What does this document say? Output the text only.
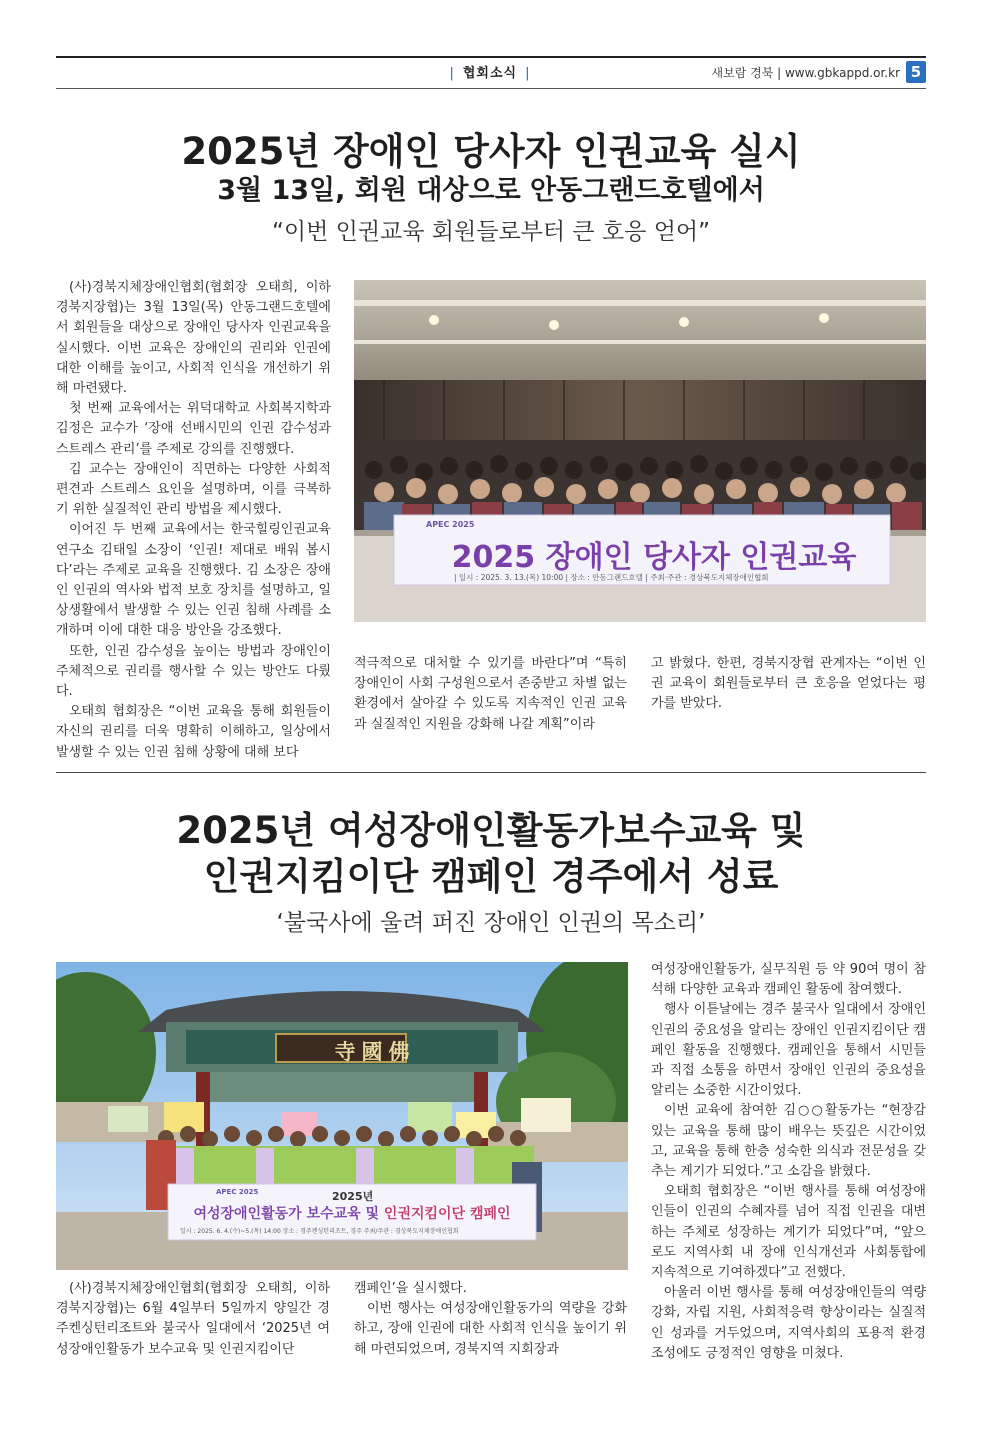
| 협회소식 |	새보람 경북 | www.gbkappd.or.kr 5
2025년 장애인 당사자 인권교육 실시
3월 13일, 회원 대상으로 안동그랜드호텔에서
“이번 인권교육 회원들로부터 큰 호응 얻어”

(사)경북지체장애인협회(협회장 오태희, 이하 경북지장협)는 3월 13일(목) 안동그랜드호텔에서 회원들을 대상으로 장애인 당사자 인권교육을 실시했다. 이번 교육은 장애인의 권리와 인권에 대한 이해를 높이고, 사회적 인식을 개선하기 위해 마련됐다.

첫 번째 교육에서는 위덕대학교 사회복지학과 김정은 교수가 ‘장애 선배시민의 인권 감수성과 스트레스 관리’를 주제로 강의를 진행했다.

김 교수는 장애인이 직면하는 다양한 사회적 편견과 스트레스 요인을 설명하며, 이를 극복하기 위한 실질적인 관리 방법을 제시했다.

이어진 두 번째 교육에서는 한국힐링인권교육연구소 김태일 소장이 ‘인권! 제대로 배워 봅시다’라는 주제로 교육을 진행했다. 김 소장은 장애인 인권의 역사와 법적 보호 장치를 설명하고, 일상생활에서 발생할 수 있는 인권 침해 사례를 소개하며 이에 대한 대응 방안을 강조했다.

또한, 인권 감수성을 높이는 방법과 장애인이 주체적으로 권리를 행사할 수 있는 방안도 다뤘다.

오태희 협회장은 “이번 교육을 통해 회원들이 자신의 권리를 더욱 명확히 이해하고, 일상에서 발생할 수 있는 인권 침해 상황에 대해 보다

APEC 2025
2025 장애인 당사자 인권교육
| 일시 : 2025. 3. 13.(목) 10:00 | 장소 : 안동그랜드호텔 | 주최·주관 : 경상북도지체장애인협회

적극적으로 대처할 수 있기를 바란다”며 “특히 장애인이 사회 구성원으로서 존중받고 차별 없는 환경에서 살아갈 수 있도록 지속적인 인권 교육과 실질적인 지원을 강화해 나갈 계획”이라

고 밝혔다. 한편, 경북지장협 관계자는 “이번 인권 교육이 회원들로부터 큰 호응을 얻었다는 평가를 받았다.

2025년 여성장애인활동가보수교육 및
인권지킴이단 캠페인 경주에서 성료
‘불국사에 울려 퍼진 장애인 인권의 목소리’
寺國佛
APEC 2025	2025년
여성장애인활동가 보수교육 및 인권지킴이단 캠페인
일시 : 2025. 6. 4.(수)~5.(목) 14:00 장소 : 경주켄싱턴리조트, 경주 주최/주관 : 경상북도지체장애인협회

(사)경북지체장애인협회(협회장 오태희, 이하 경북지장협)는 6월 4일부터 5일까지 양일간 경주켄싱턴리조트와 불국사 일대에서 ‘2025년 여성장애인활동가 보수교육 및 인권지킴이단

캠페인’을 실시했다.

이번 행사는 여성장애인활동가의 역량을 강화하고, 장애 인권에 대한 사회적 인식을 높이기 위해 마련되었으며, 경북지역 지회장과

여성장애인활동가, 실무직원 등 약 90여 명이 참석해 다양한 교육과 캠페인 활동에 참여했다.

행사 이튿날에는 경주 불국사 일대에서 장애인 인권의 중요성을 알리는 장애인 인권지킴이단 캠페인 활동을 진행했다. 캠페인을 통해서 시민들과 직접 소통을 하면서 장애인 인권의 중요성을 알리는 소중한 시간이었다.

이번 교육에 참여한 김○○활동가는 “현장감 있는 교육을 통해 많이 배우는 뜻깊은 시간이었고, 교육을 통해 한층 성숙한 의식과 전문성을 갖추는 계기가 되었다.”고 소감을 밝혔다.

오태희 협회장은 “이번 행사를 통해 여성장애인들이 인권의 수혜자를 넘어 직접 인권을 대변하는 주체로 성장하는 계기가 되었다”며, “앞으로도 지역사회 내 장애 인식개선과 사회통합에 지속적으로 기여하겠다”고 전했다.

아울러 이번 행사를 통해 여성장애인들의 역량 강화, 자립 지원, 사회적응력 향상이라는 실질적인 성과를 거두었으며, 지역사회의 포용적 환경 조성에도 긍정적인 영향을 미쳤다.
